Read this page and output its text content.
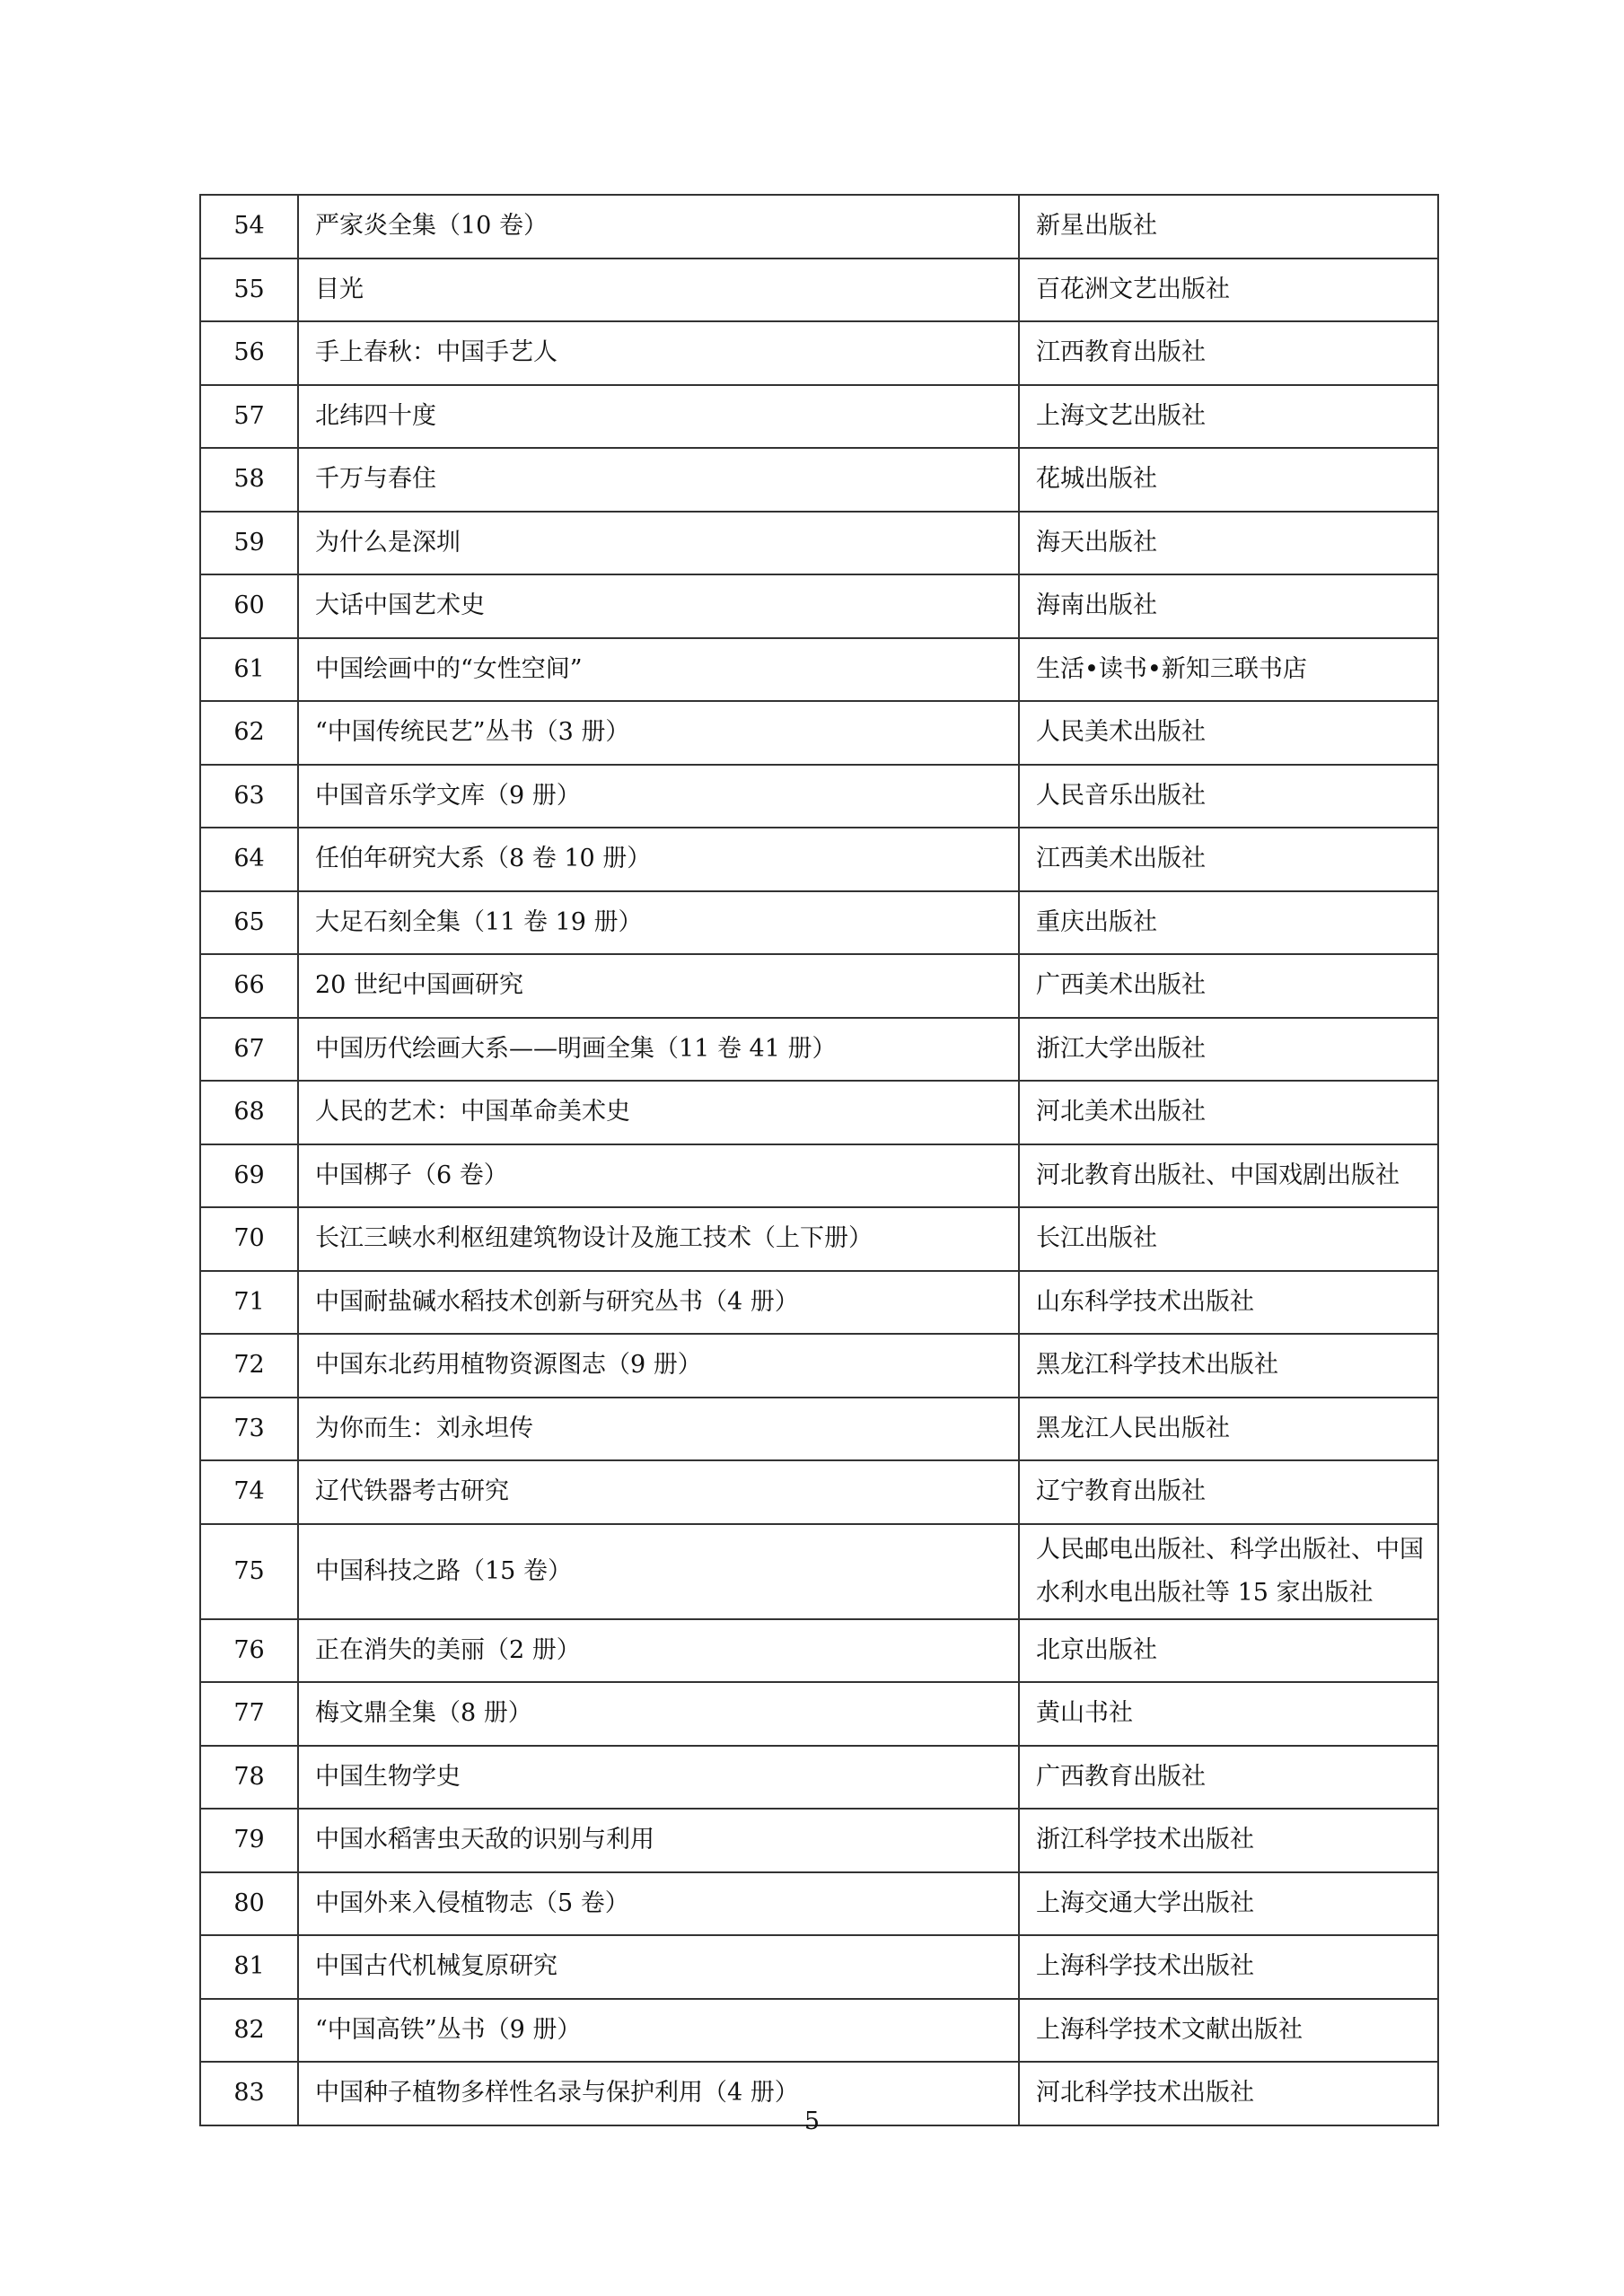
54	严家炎全集（10 卷）	新星出版社
55	目光	百花洲文艺出版社
56	手上春秋：中国手艺人	江西教育出版社
57	北纬四十度	上海文艺出版社
58	千万与春住	花城出版社
59	为什么是深圳	海天出版社
60	大话中国艺术史	海南出版社
61	中国绘画中的“女性空间”	生活•读书•新知三联书店
62	“中国传统民艺”丛书（3 册）	人民美术出版社
63	中国音乐学文库（9 册）	人民音乐出版社
64	任伯年研究大系（8 卷 10 册）	江西美术出版社
65	大足石刻全集（11 卷 19 册）	重庆出版社
66	20 世纪中国画研究	广西美术出版社
67	中国历代绘画大系——明画全集（11 卷 41 册）	浙江大学出版社
68	人民的艺术：中国革命美术史	河北美术出版社
69	中国梆子（6 卷）	河北教育出版社、中国戏剧出版社
70	长江三峡水利枢纽建筑物设计及施工技术（上下册）	长江出版社
71	中国耐盐碱水稻技术创新与研究丛书（4 册）	山东科学技术出版社
72	中国东北药用植物资源图志（9 册）	黑龙江科学技术出版社
73	为你而生：刘永坦传	黑龙江人民出版社
74	辽代铁器考古研究	辽宁教育出版社
75	中国科技之路（15 卷）	人民邮电出版社、科学出版社、中国水利水电出版社等 15 家出版社
76	正在消失的美丽（2 册）	北京出版社
77	梅文鼎全集（8 册）	黄山书社
78	中国生物学史	广西教育出版社
79	中国水稻害虫天敌的识别与利用	浙江科学技术出版社
80	中国外来入侵植物志（5 卷）	上海交通大学出版社
81	中国古代机械复原研究	上海科学技术出版社
82	“中国高铁”丛书（9 册）	上海科学技术文献出版社
83	中国种子植物多样性名录与保护利用（4 册）	河北科学技术出版社
5
